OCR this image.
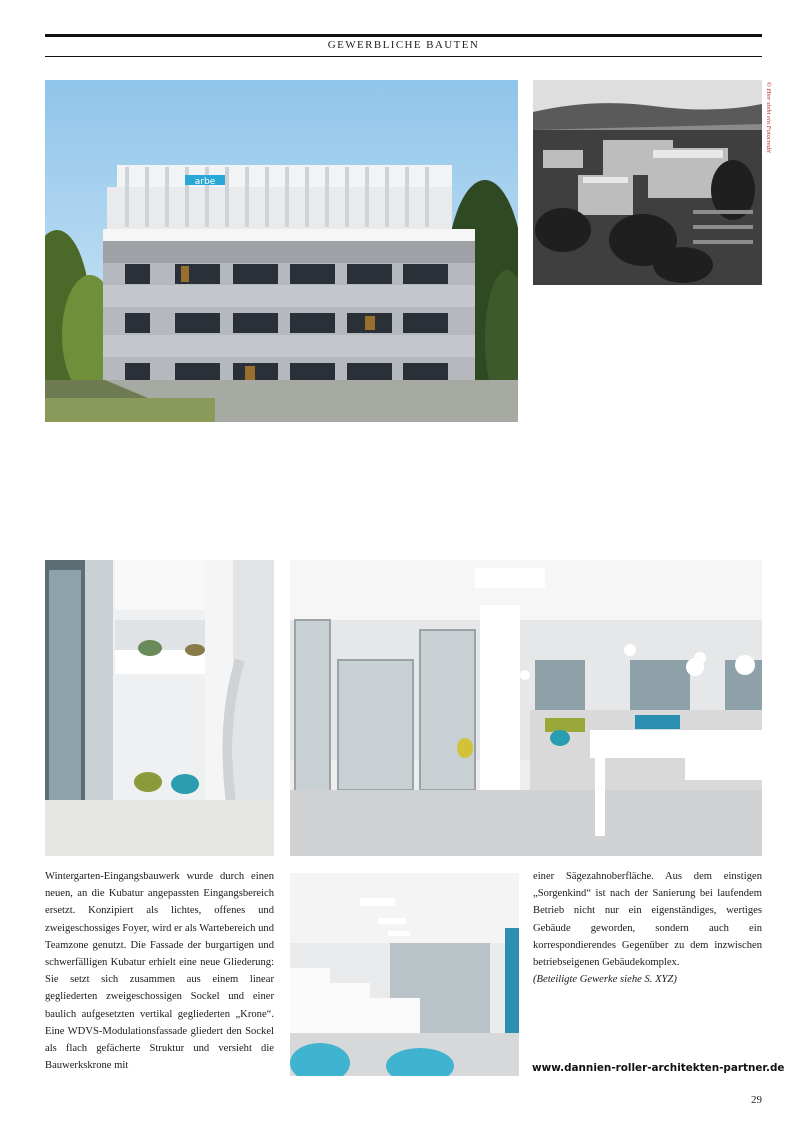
GEWERBLICHE BAUTEN
arbe
© Hier steht ein Fotocredit

Wintergarten-Eingangsbauwerk wurde durch einen neuen, an die Kubatur angepassten Eingangsbereich ersetzt. Konzipiert als lichtes, offenes und zweigeschossiges Foyer, wird er als Wartebereich und Teamzone genutzt. Die Fassade der burgartigen und schwerfälligen Kubatur erhielt eine neue Gliederung: Sie setzt sich zusammen aus einem linear gegliederten zweigeschossigen Sockel und einer baulich aufgesetzten vertikal gegliederten „Krone“. Eine WDVS-Modulationsfassade gliedert den Sockel als flach gefächerte Struktur und versieht die Bauwerkskrone mit

einer Sägezahnoberfläche. Aus dem einstigen „Sorgenkind“ ist nach der Sanierung bei laufendem Betrieb nicht nur ein eigenständiges, wertiges Gebäude geworden, sondern auch ein korrespondierendes Gegenüber zu dem inzwischen betriebseigenen Gebäudekomplex.

(Beteiligte Gewerke siehe S. XYZ)

www.dannien-roller-architekten-partner.de
29
